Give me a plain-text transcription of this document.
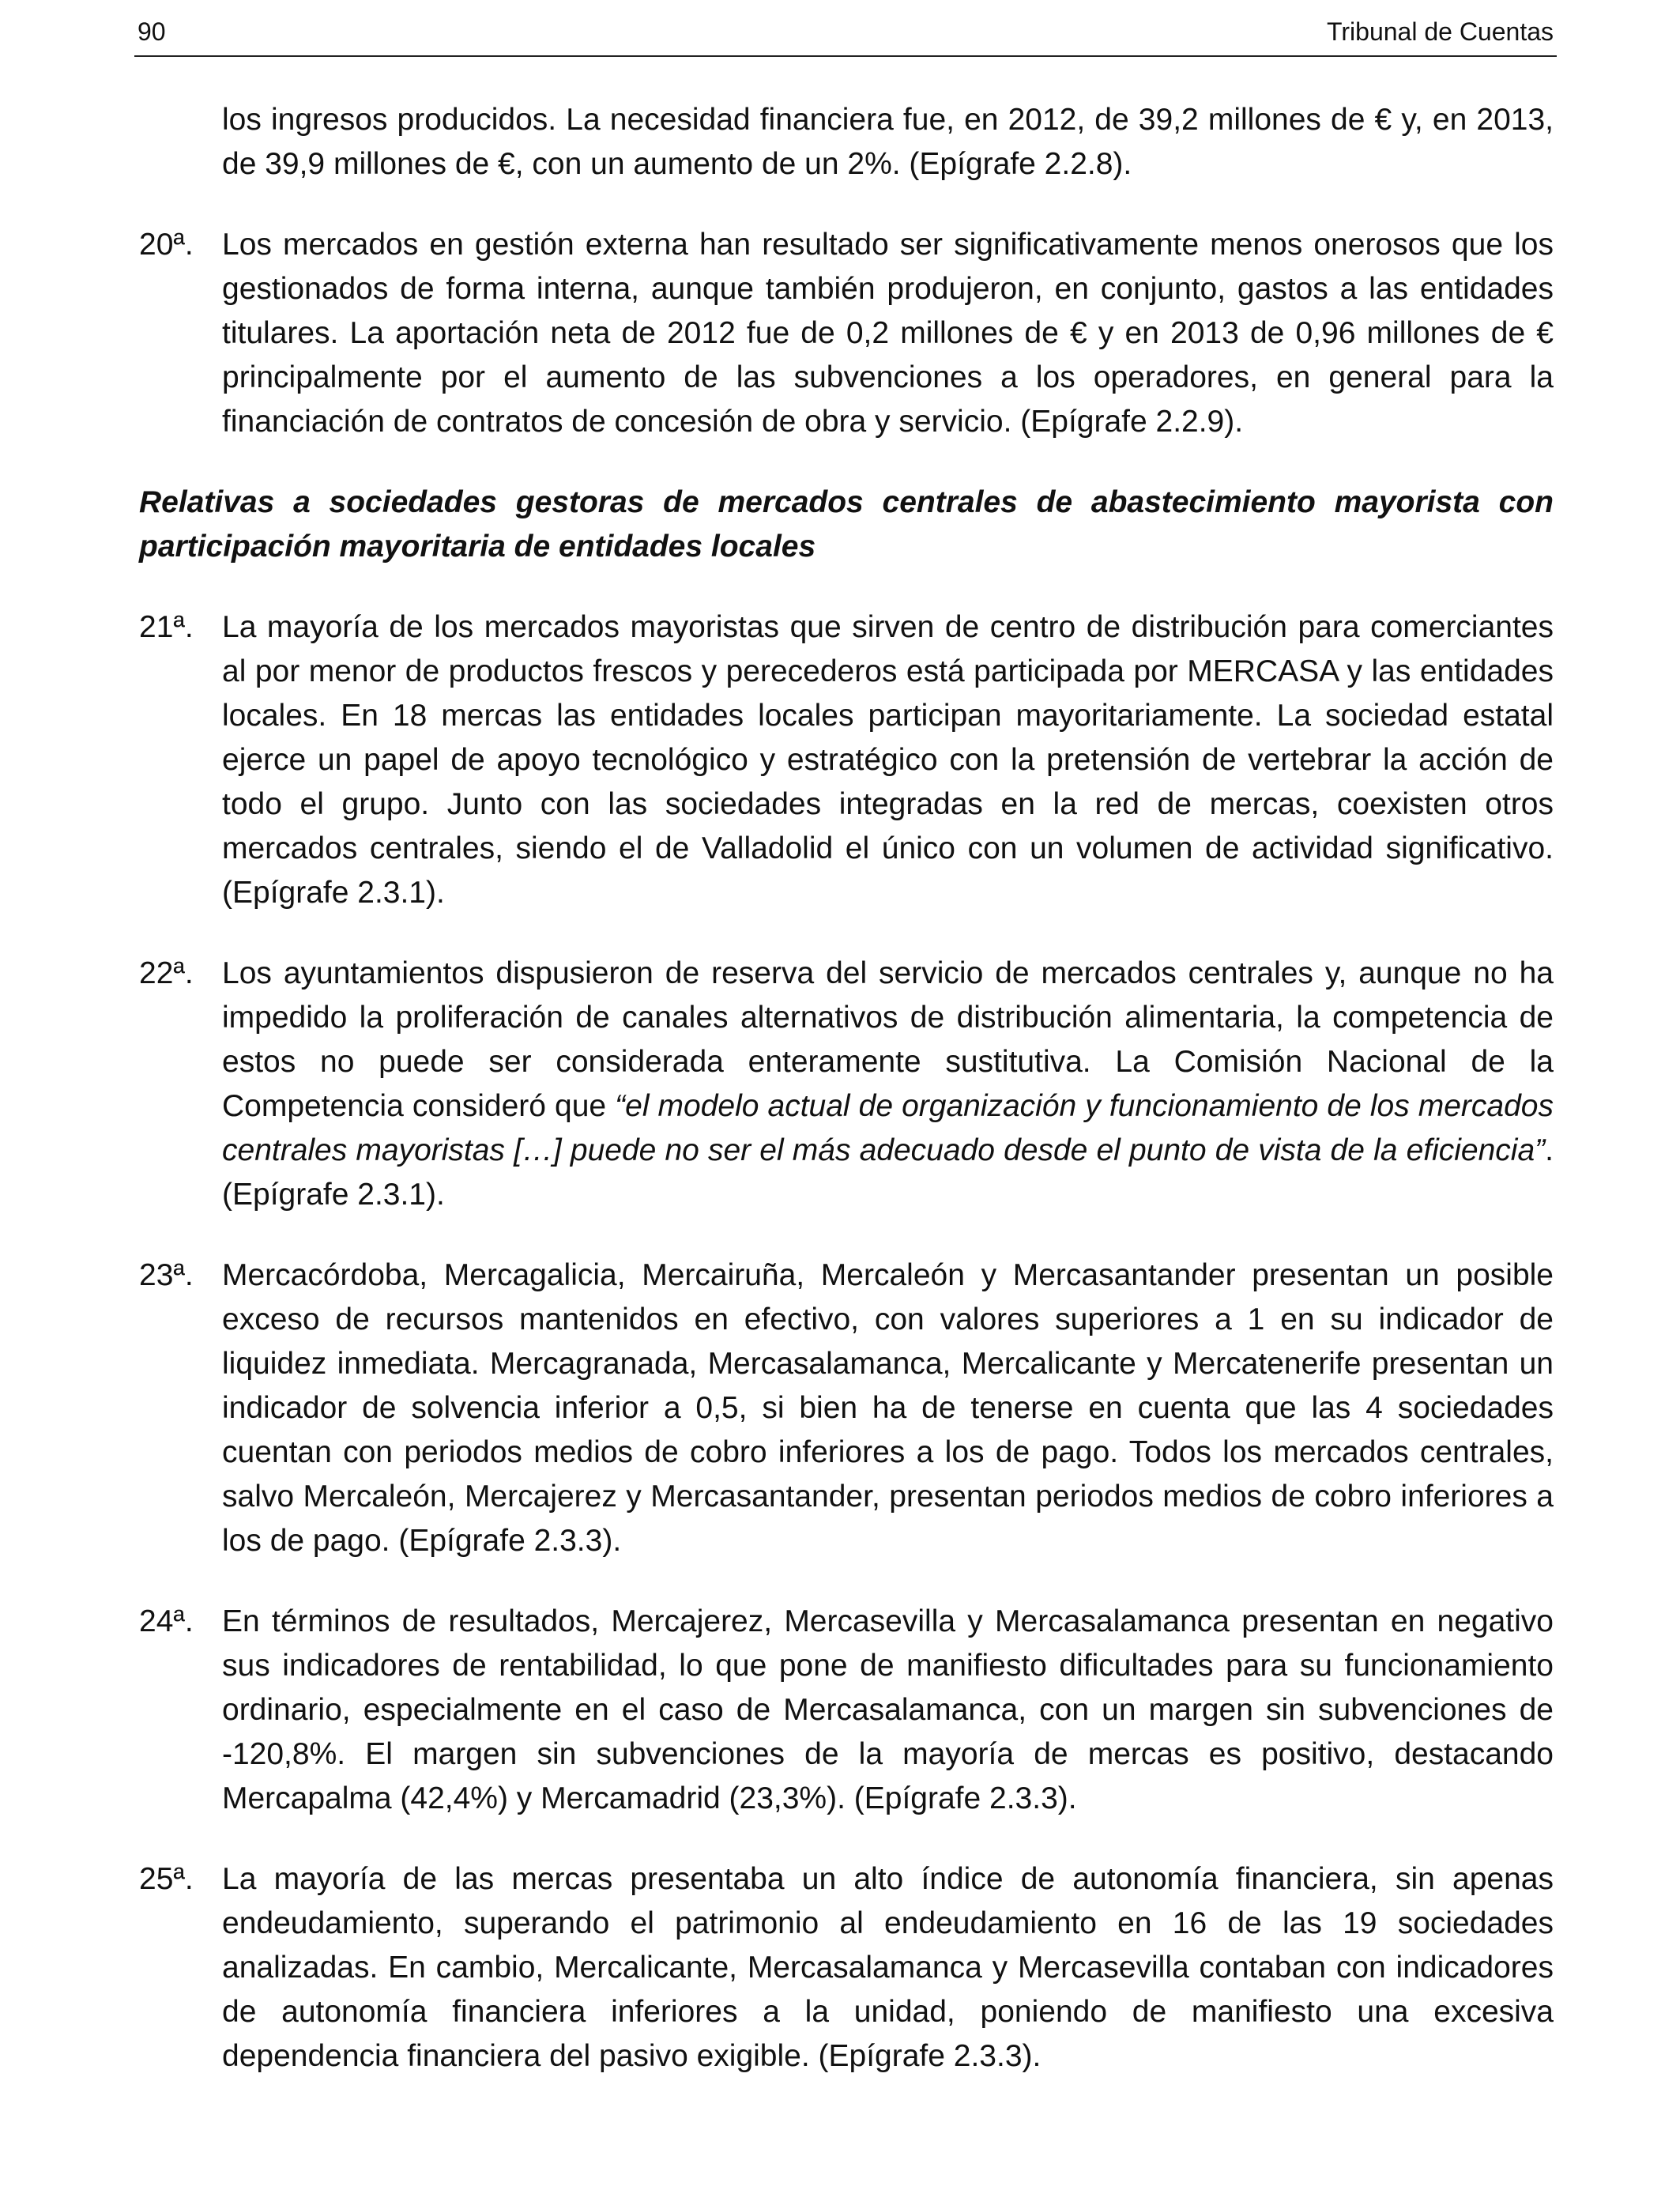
90	Tribunal de Cuentas

los ingresos producidos. La necesidad financiera fue, en 2012, de 39,2 millones de € y, en 2013, de 39,9 millones de €, con un aumento de un 2%. (Epígrafe 2.2.8).

20ª. Los mercados en gestión externa han resultado ser significativamente menos onerosos que los gestionados de forma interna, aunque también produjeron, en conjunto, gastos a las entidades titulares. La aportación neta de 2012 fue de 0,2 millones de € y en 2013 de 0,96 millones de € principalmente por el aumento de las subvenciones a los operadores, en general para la financiación de contratos de concesión de obra y servicio. (Epígrafe 2.2.9).
Relativas a sociedades gestoras de mercados centrales de abastecimiento mayorista con participación mayoritaria de entidades locales
21ª. La mayoría de los mercados mayoristas que sirven de centro de distribución para comerciantes al por menor de productos frescos y perecederos está participada por MERCASA y las entidades locales. En 18 mercas las entidades locales participan mayoritariamente. La sociedad estatal ejerce un papel de apoyo tecnológico y estratégico con la pretensión de vertebrar la acción de todo el grupo. Junto con las sociedades integradas en la red de mercas, coexisten otros mercados centrales, siendo el de Valladolid el único con un volumen de actividad significativo. (Epígrafe 2.3.1).
22ª. Los ayuntamientos dispusieron de reserva del servicio de mercados centrales y, aunque no ha impedido la proliferación de canales alternativos de distribución alimentaria, la competencia de estos no puede ser considerada enteramente sustitutiva. La Comisión Nacional de la Competencia consideró que “el modelo actual de organización y funcionamiento de los mercados centrales mayoristas […] puede no ser el más adecuado desde el punto de vista de la eficiencia”. (Epígrafe 2.3.1).
23ª. Mercacórdoba, Mercagalicia, Mercairuña, Mercaleón y Mercasantander presentan un posible exceso de recursos mantenidos en efectivo, con valores superiores a 1 en su indicador de liquidez inmediata. Mercagranada, Mercasalamanca, Mercalicante y Mercatenerife presentan un indicador de solvencia inferior a 0,5, si bien ha de tenerse en cuenta que las 4 sociedades cuentan con periodos medios de cobro inferiores a los de pago. Todos los mercados centrales, salvo Mercaleón, Mercajerez y Mercasantander, presentan periodos medios de cobro inferiores a los de pago. (Epígrafe 2.3.3).
24ª. En términos de resultados, Mercajerez, Mercasevilla y Mercasalamanca presentan en negativo sus indicadores de rentabilidad, lo que pone de manifiesto dificultades para su funcionamiento ordinario, especialmente en el caso de Mercasalamanca, con un margen sin subvenciones de -120,8%. El margen sin subvenciones de la mayoría de mercas es positivo, destacando Mercapalma (42,4%) y Mercamadrid (23,3%). (Epígrafe 2.3.3).
25ª. La mayoría de las mercas presentaba un alto índice de autonomía financiera, sin apenas endeudamiento, superando el patrimonio al endeudamiento en 16 de las 19 sociedades analizadas. En cambio, Mercalicante, Mercasalamanca y Mercasevilla contaban con indicadores de autonomía financiera inferiores a la unidad, poniendo de manifiesto una excesiva dependencia financiera del pasivo exigible. (Epígrafe 2.3.3).
